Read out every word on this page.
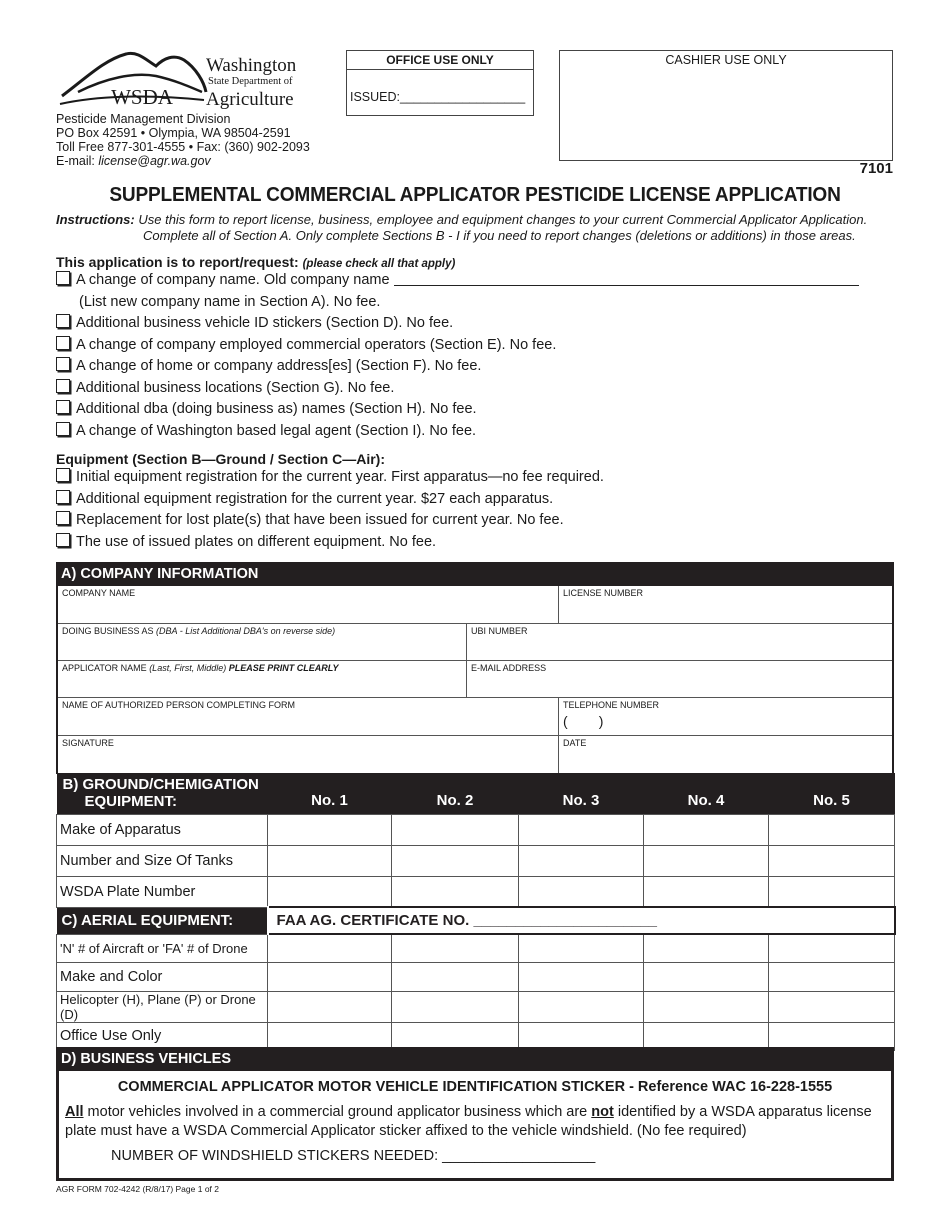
WSDA
Washington
State Department of
Agriculture
Pesticide Management Division
PO Box 42591 • Olympia, WA 98504-2591
Toll Free 877-301-4555 • Fax: (360) 902-2093
E-mail: license@agr.wa.gov
OFFICE USE ONLY
ISSUED:__________________
CASHIER USE ONLY
7101
SUPPLEMENTAL COMMERCIAL APPLICATOR PESTICIDE LICENSE APPLICATION
Instructions: Use this form to report license, business, employee and equipment changes to your current Commercial Applicator Application.
Complete all of Section A. Only complete Sections B - I if you need to report changes (deletions or additions) in those areas.
This application is to report/request: (please check all that apply)
A change of company name. Old company name
(List new company name in Section A). No fee.
Additional business vehicle ID stickers (Section D). No fee.
A change of company employed commercial operators (Section E). No fee.
A change of home or company address[es] (Section F). No fee.
Additional business locations (Section G). No fee.
Additional dba (doing business as) names (Section H). No fee.
A change of Washington based legal agent (Section I). No fee.
Equipment (Section B—Ground / Section C—Air):
Initial equipment registration for the current year. First apparatus—no fee required.
Additional equipment registration for the current year. $27 each apparatus.
Replacement for lost plate(s) that have been issued for current year. No fee.
The use of issued plates on different equipment. No fee.
A) COMPANY INFORMATION
COMPANY NAME	LICENSE NUMBER
DOING BUSINESS AS (DBA - List Additional DBA's on reverse side)	UBI NUMBER
APPLICATOR NAME (Last, First, Middle) PLEASE PRINT CLEARLY	E-MAIL ADDRESS
NAME OF AUTHORIZED PERSON COMPLETING FORM	TELEPHONE NUMBER
(        )
SIGNATURE	DATE
B) GROUND/CHEMIGATION
EQUIPMENT:	No. 1	No. 2	No. 3	No. 4	No. 5
Make of Apparatus					
Number and Size Of Tanks					
WSDA Plate Number					
C) AERIAL EQUIPMENT:	FAA AG. CERTIFICATE NO. ______________________				
'N' # of Aircraft or 'FA' # of Drone					
Make and Color					
Helicopter (H), Plane (P) or Drone (D)					
Office Use Only					
D) BUSINESS VEHICLES
COMMERCIAL APPLICATOR MOTOR VEHICLE IDENTIFICATION STICKER - Reference WAC 16-228-1555
All motor vehicles involved in a commercial ground applicator business which are not identified by a WSDA apparatus license plate must have a WSDA Commercial Applicator sticker affixed to the vehicle windshield. (No fee required)
NUMBER OF WINDSHIELD STICKERS NEEDED: ___________________
AGR FORM 702-4242 (R/8/17) Page 1 of 2
